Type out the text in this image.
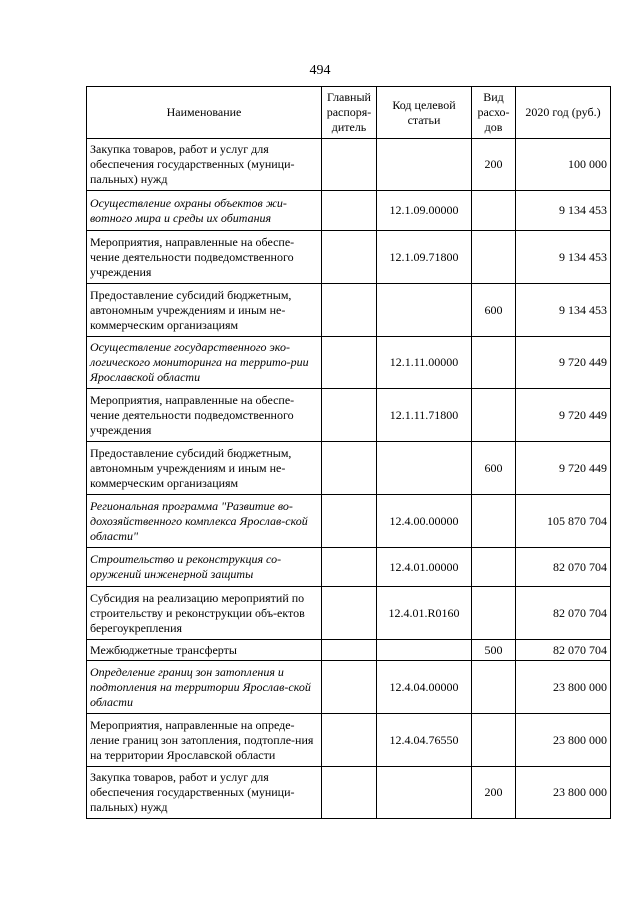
494
Наименование	Главный распоря-дитель	Код целевой статьи	Вид расхо-дов	2020 год (руб.)
Закупка товаров, работ и услуг для обеспечения государственных (муници-пальных) нужд			200	100 000
Осуществление охраны объектов жи-вотного мира и среды их обитания		12.1.09.00000		9 134 453
Мероприятия, направленные на обеспе-чение деятельности подведомственного учреждения		12.1.09.71800		9 134 453
Предоставление субсидий бюджетным, автономным учреждениям и иным не-коммерческим организациям			600	9 134 453
Осуществление государственного эко-логического мониторинга на террито-рии Ярославской области		12.1.11.00000		9 720 449
Мероприятия, направленные на обеспе-чение деятельности подведомственного учреждения		12.1.11.71800		9 720 449
Предоставление субсидий бюджетным, автономным учреждениям и иным не-коммерческим организациям			600	9 720 449
Региональная программа "Развитие во-дохозяйственного комплекса Ярослав-ской области"		12.4.00.00000		105 870 704
Строительство и реконструкция со-оружений инженерной защиты		12.4.01.00000		82 070 704
Субсидия на реализацию мероприятий по строительству и реконструкции объ-ектов берегоукрепления		12.4.01.R0160		82 070 704
Межбюджетные трансферты			500	82 070 704
Определение границ зон затопления и подтопления на территории Ярослав-ской области		12.4.04.00000		23 800 000
Мероприятия, направленные на опреде-ление границ зон затопления, подтопле-ния на территории Ярославской области		12.4.04.76550		23 800 000
Закупка товаров, работ и услуг для обеспечения государственных (муници-пальных) нужд			200	23 800 000
